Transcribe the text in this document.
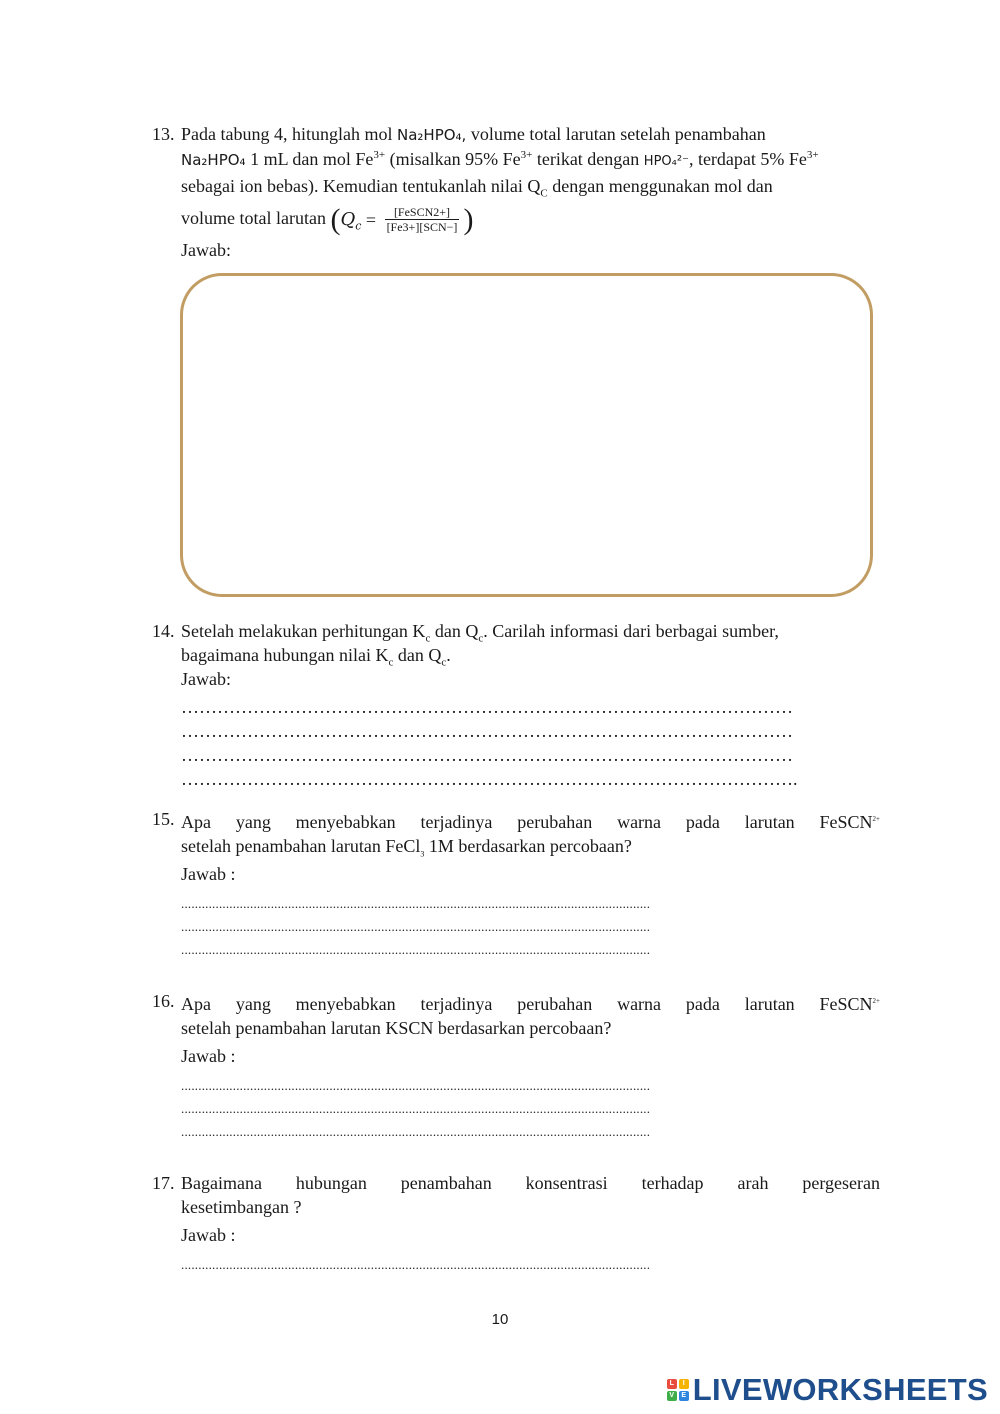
13. Pada tabung 4, hitunglah mol Na₂HPO₄, volume total larutan setelah penambahan
Na₂HPO₄ 1 mL dan mol $Fe^{3+}$ (misalkan 95% $Fe^{3+}$ terikat dengan HPO₄²⁻, terdapat 5% $Fe^{3+}$
sebagai ion bebas). Kemudian tentukanlah nilai $Q_C$ dengan menggunakan mol dan
volume total larutan ($Q_c = \frac{\text{[FeSCN2+]}}{\text{[Fe3+][SCN−]}}$ )
Jawab:
14. Setelah melakukan perhitungan $K_c$ dan $Q_c$. Carilah informasi dari berbagai sumber,
bagaimana hubungan nilai $K_c$ dan $Q_c$.
Jawab:
…………………………………………………………………………………………
…………………………………………………………………………………………
…………………………………………………………………………………………
………………………………………………………………………………………….
15. Apa yang menyebabkan terjadinya perubahan warna pada larutan FeSCN$^{2+}$
setelah penambahan larutan FeCl$_3$ 1M berdasarkan percobaan?
Jawab :
........................................................................................................................................
........................................................................................................................................
........................................................................................................................................
16. Apa yang menyebabkan terjadinya perubahan warna pada larutan FeSCN$^{2+}$
setelah penambahan larutan KSCN berdasarkan percobaan?
Jawab :
........................................................................................................................................
........................................................................................................................................
........................................................................................................................................
17. Bagaimana hubungan penambahan konsentrasi terhadap arah pergeseran
kesetimbangan ?
Jawab :
........................................................................................................................................
10
L	I
V	E LIVEWORKSHEETS
